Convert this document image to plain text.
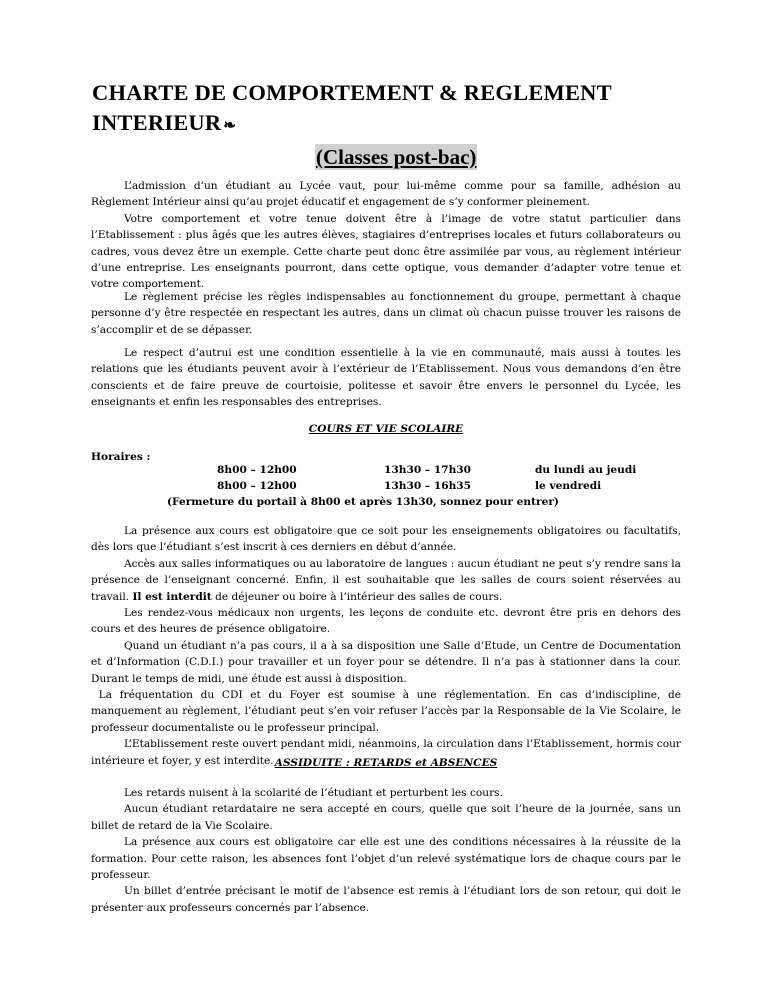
CHARTE DE COMPORTEMENT & REGLEMENT INTERIEUR ❧
(Classes post-bac)

L’admission d’un étudiant au Lycée vaut, pour lui-même comme pour sa famille, adhésion au Règlement Intérieur ainsi qu’au projet éducatif et engagement de s’y conformer pleinement.

Votre comportement et votre tenue doivent être à l’image de votre statut particulier dans l’Etablissement : plus âgés que les autres élèves, stagiaires d’entreprises locales et futurs collaborateurs ou cadres, vous devez être un exemple. Cette charte peut donc être assimilée par vous, au règlement intérieur d’une entreprise. Les enseignants pourront, dans cette optique, vous demander d’adapter votre tenue et votre comportement.

Le règlement précise les règles indispensables au fonctionnement du groupe, permettant à chaque personne d’y être respectée en respectant les autres, dans un climat où chacun puisse trouver les raisons de s’accomplir et de se dépasser.

Le respect d’autrui est une condition essentielle à la vie en communauté, mais aussi à toutes les relations que les étudiants peuvent avoir à l’extérieur de l’Etablissement. Nous vous demandons d’en être conscients et de faire preuve de courtoisie, politesse et savoir être envers le personnel du Lycée, les enseignants et enfin les responsables des entreprises.

COURS ET VIE SCOLAIRE
Horaires :
8h00 – 12h00	13h30 – 17h30	du lundi au jeudi
8h00 – 12h00	13h30 – 16h35	le vendredi
(Fermeture du portail à 8h00 et après 13h30, sonnez pour entrer)

La présence aux cours est obligatoire que ce soit pour les enseignements obligatoires ou facultatifs, dès lors que l’étudiant s’est inscrit à ces derniers en début d’année.

Accès aux salles informatiques ou au laboratoire de langues : aucun étudiant ne peut s’y rendre sans la présence de l’enseignant concerné. Enfin, il est souhaitable que les salles de cours soient réservées au travail. Il est interdit de déjeuner ou boire à l’intérieur des salles de cours.

Les rendez-vous médicaux non urgents, les leçons de conduite etc. devront être pris en dehors des cours et des heures de présence obligatoire.

Quand un étudiant n’a pas cours, il a à sa disposition une Salle d’Etude, un Centre de Documentation et d’Information (C.D.I.) pour travailler et un foyer pour se détendre. Il n’a pas à stationner dans la cour. Durant le temps de midi, une étude est aussi à disposition.

La fréquentation du CDI et du Foyer est soumise à une réglementation. En cas d’indiscipline, de manquement au règlement, l’étudiant peut s’en voir refuser l’accès par la Responsable de la Vie Scolaire, le professeur documentaliste ou le professeur principal.

L’Etablissement reste ouvert pendant midi, néanmoins, la circulation dans l’Etablissement, hormis cour intérieure et foyer, y est interdite. ASSIDUITE : RETARDS et ABSENCES

Les retards nuisent à la scolarité de l’étudiant et perturbent les cours.

Aucun étudiant retardataire ne sera accepté en cours, quelle que soit l’heure de la journée, sans un billet de retard de la Vie Scolaire.

La présence aux cours est obligatoire car elle est une des conditions nécessaires à la réussite de la formation. Pour cette raison, les absences font l’objet d’un relevé systématique lors de chaque cours par le professeur.

Un billet d’entrée précisant le motif de l’absence est remis à l’étudiant lors de son retour, qui doit le présenter aux professeurs concernés par l’absence.
